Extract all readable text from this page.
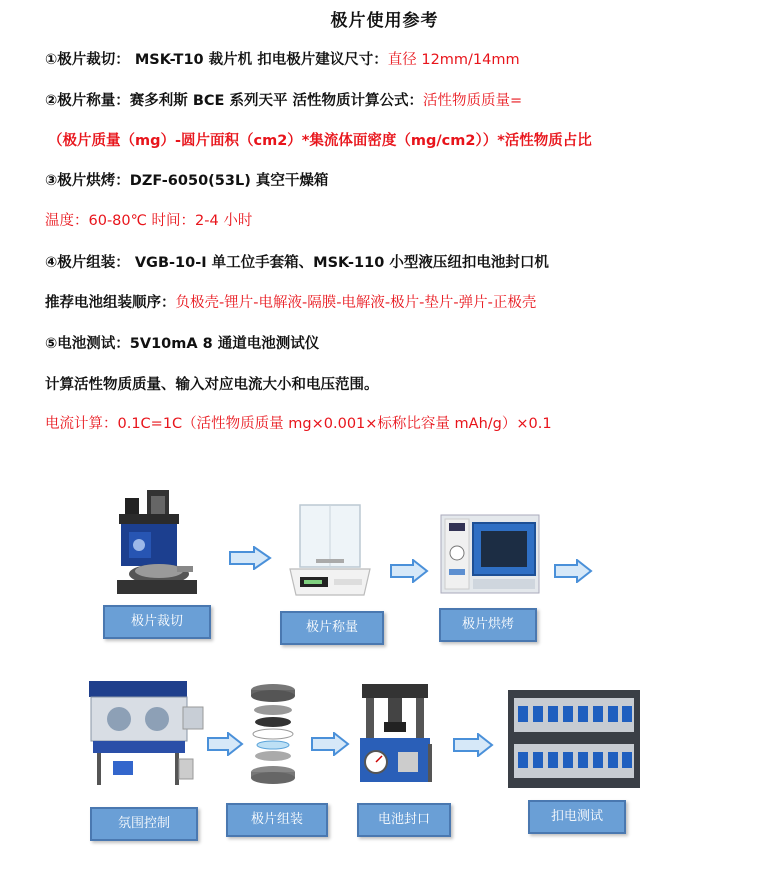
极片使用参考
①极片裁切： MSK-T10 裁片机 扣电极片建议尺寸：直径 12mm/14mm
②极片称量：赛多利斯 BCE 系列天平 活性物质计算公式：活性物质质量=
（极片质量（mg）-圆片面积（cm2）*集流体面密度（mg/cm2））*活性物质占比
③极片烘烤：DZF-6050(53L) 真空干燥箱
温度：60-80℃ 时间：2-4 小时
④极片组装： VGB-10-I 单工位手套箱、MSK-110 小型液压纽扣电池封口机
推荐电池组装顺序：负极壳-锂片-电解液-隔膜-电解液-极片-垫片-弹片-正极壳
⑤电池测试：5V10mA 8 通道电池测试仪
计算活性物质质量、输入对应电流大小和电压范围。
电流计算：0.1C=1C（活性物质质量 mg×0.001×标称比容量 mAh/g）×0.1
极片裁切	极片称量	极片烘烤
氛围控制	极片组装	电池封口	扣电测试
